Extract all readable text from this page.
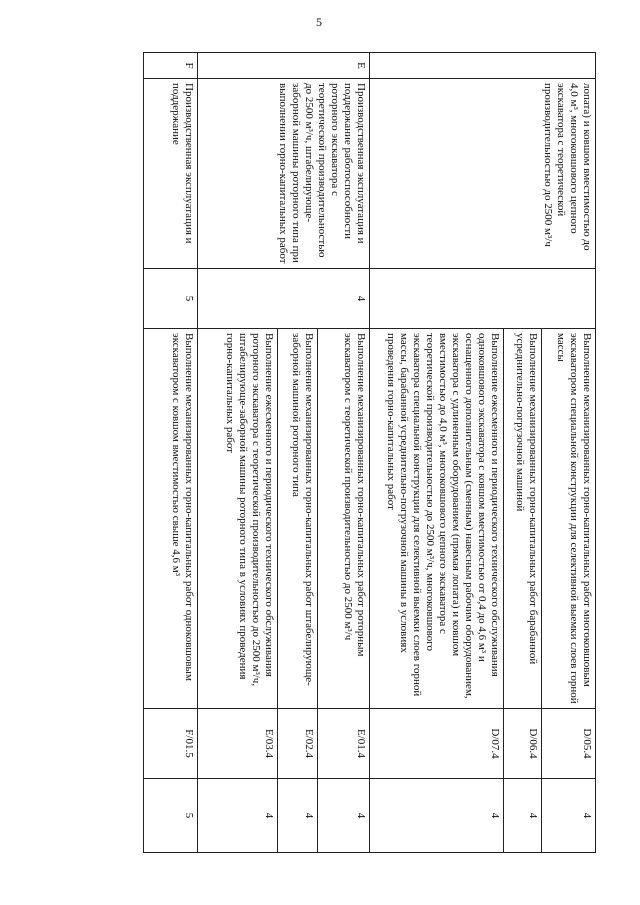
5
	лопата) и ковшом вместимостью до 4,0 м³, многоковшового цепного экскаватора с теоретической производительностью до 2500 м³/ч		Выполнение механизированных горно-капитальных работ многоковшовым экскаватором специальной конструкции для селективной выемки слоев горной массы	D/05.4	4
			Выполнение механизированных горно-капитальных работ барабанной усреднительно-погрузочной машиной	D/06.4	4
			Выполнение ежесменного и периодического технического обслуживания одноковшового экскаватора с ковшом вместимостью от 0,4 до 4,6 м³ и оснащенного дополнительным (сменным) навесным рабочим оборудованием, экскаватора с удлиненным оборудованием (прямая лопата) и ковшом вместимостью до 4,0 м³, многоковшового цепного экскаватора с теоретической производительностью до 2500 м³/ч, многоковшового экскаватора специальной конструкции для селективной выемки слоев горной массы, барабанной усреднительно-погрузочной машины в условиях проведения горно-капитальных работ	D/07.4	4
E	Производственная эксплуатация и поддержание работоспособности роторного экскаватора с теоретической производительностью до 2500 м³/ч, штабелирующе-заборной машины роторного типа при выполнении горно-капитальных работ	4	Выполнение механизированных горно-капитальных работ роторным экскаватором с теоретической производительностью до 2500 м³/ч	E/01.4	4
			Выполнение механизированных горно-капитальных работ штабелирующе-заборной машиной роторного типа	E/02.4	4
			Выполнение ежесменного и периодического технического обслуживания роторного экскаватора с теоретической производительностью до 2500 м³/ч, штабелирующе-заборной машины роторного типа в условиях проведения горно-капитальных работ	E/03.4	4
F	Производственная эксплуатация и поддержание	5	Выполнение механизированных горно-капитальных работ одноковшовым экскаватором с ковшом вместимостью свыше 4,6 м³	F/01.5	5
